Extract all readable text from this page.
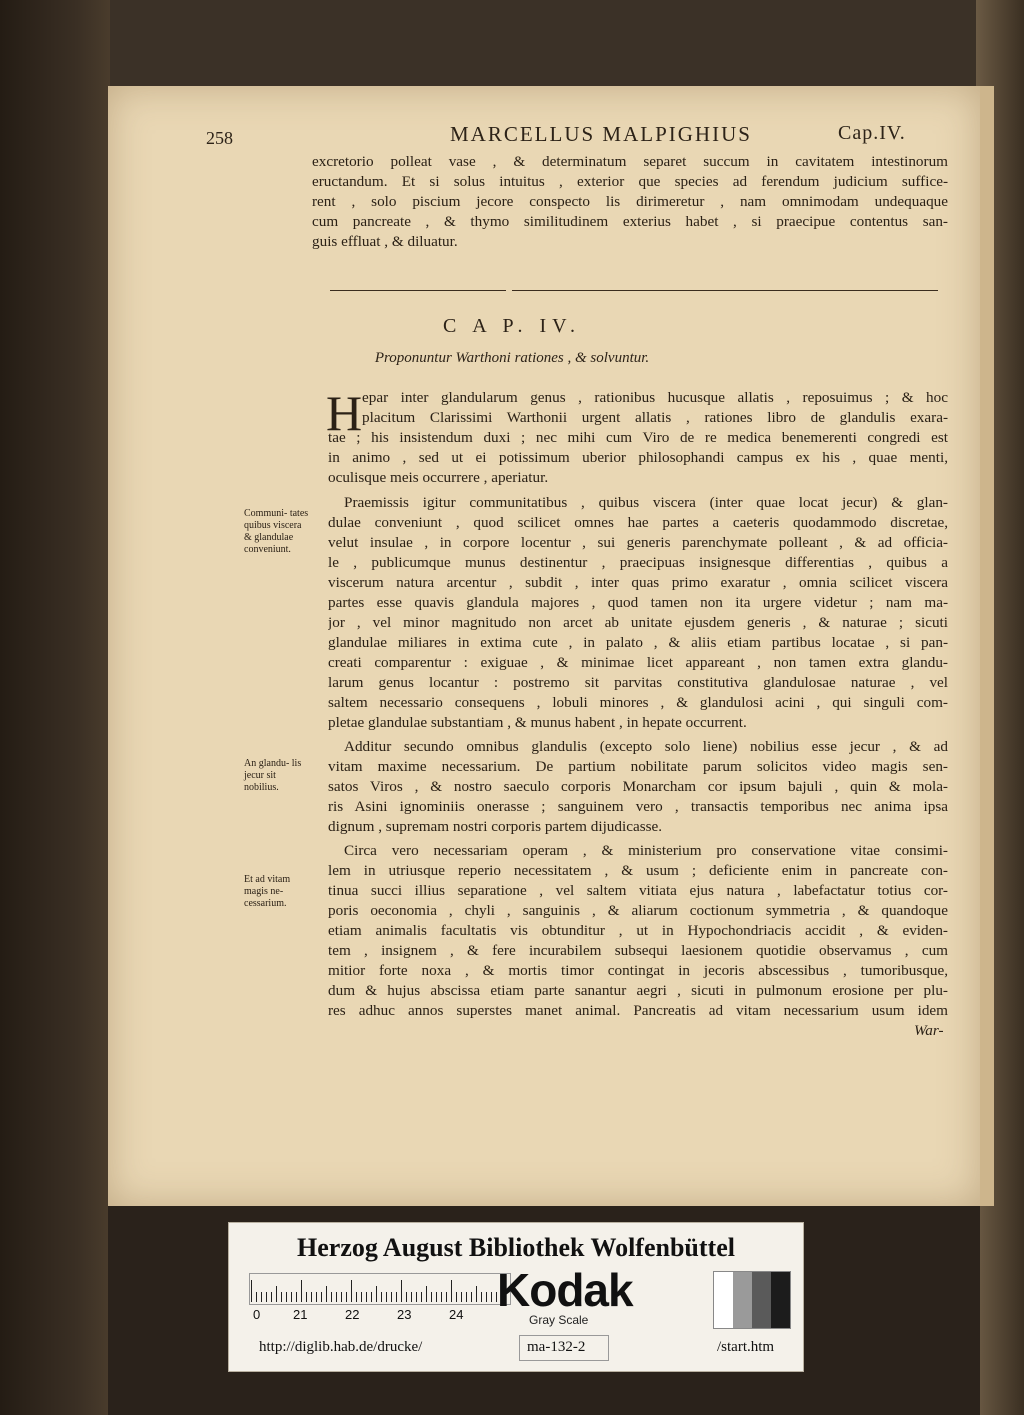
258	MARCELLUS MALPIGHIUS	Cap.IV.
excretorio polleat vase , & determinatum separet succum in cavitatem intestinorum
eructandum. Et si solus intuitus , exterior que species ad ferendum judicium suffice-
rent , solo piscium jecore conspecto lis dirimeretur , nam omnimodam undequaque
cum pancreate , & thymo similitudinem exterius habet , si praecipue contentus san-
guis effluat , & diluatur.
C A P. IV.
Proponuntur Warthoni rationes , & solvuntur.
H epar inter glandularum genus , rationibus hucusque allatis , reposuimus ; & hoc
placitum Clarissimi Warthonii urgent allatis , rationes libro de glandulis exara-
tae ; his insistendum duxi ; nec mihi cum Viro de re medica benemerenti congredi est
in animo , sed ut ei potissimum uberior philosophandi campus ex his , quae menti,
oculisque meis occurrere , aperiatur.
Praemissis igitur communitatibus , quibus viscera (inter quae locat jecur) & glan-
dulae conveniunt , quod scilicet omnes hae partes a caeteris quodammodo discretae,
velut insulae , in corpore locentur , sui generis parenchymate polleant , & ad officia-
le , publicumque munus destinentur , praecipuas insignesque differentias , quibus a
viscerum natura arcentur , subdit , inter quas primo exaratur , omnia scilicet viscera
partes esse quavis glandula majores , quod tamen non ita urgere videtur ; nam ma-
jor , vel minor magnitudo non arcet ab unitate ejusdem generis , & naturae ; sicuti
glandulae miliares in extima cute , in palato , & aliis etiam partibus locatae , si pan-
creati comparentur : exiguae , & minimae licet appareant , non tamen extra glandu-
larum genus locantur : postremo sit parvitas constitutiva glandulosae naturae , vel
saltem necessario consequens , lobuli minores , & glandulosi acini , qui singuli com-
pletae glandulae substantiam , & munus habent , in hepate occurrent.
Additur secundo omnibus glandulis (excepto solo liene) nobilius esse jecur , & ad
vitam maxime necessarium. De partium nobilitate parum solicitos video magis sen-
satos Viros , & nostro saeculo corporis Monarcham cor ipsum bajuli , quin & mola-
ris Asini ignominiis onerasse ; sanguinem vero , transactis temporibus nec anima ipsa
dignum , supremam nostri corporis partem dijudicasse.
Circa vero necessariam operam , & ministerium pro conservatione vitae consimi-
lem in utriusque reperio necessitatem , & usum ; deficiente enim in pancreate con-
tinua succi illius separatione , vel saltem vitiata ejus natura , labefactatur totius cor-
poris oeconomia , chyli , sanguinis , & aliarum coctionum symmetria , & quandoque
etiam animalis facultatis vis obtunditur , ut in Hypochondriacis accidit , & eviden-
tem , insignem , & fere incurabilem subsequi laesionem quotidie observamus , cum
mitior forte noxa , & mortis timor contingat in jecoris abscessibus , tumoribusque,
dum & hujus abscissa etiam parte sanantur aegri , sicuti in pulmonum erosione per plu-
res adhuc annos superstes manet animal. Pancreatis ad vitam necessarium usum idem
War-
Communi- tates quibus viscera & glandulae conveniunt.
An glandu- lis jecur sit nobilius.
Et ad vitam magis ne- cessarium.
Herzog August Bibliothek Wolfenbüttel
0	21	22	23	24 Kodak
Gray Scale
http://diglib.hab.de/drucke/	ma-132-2	/start.htm
